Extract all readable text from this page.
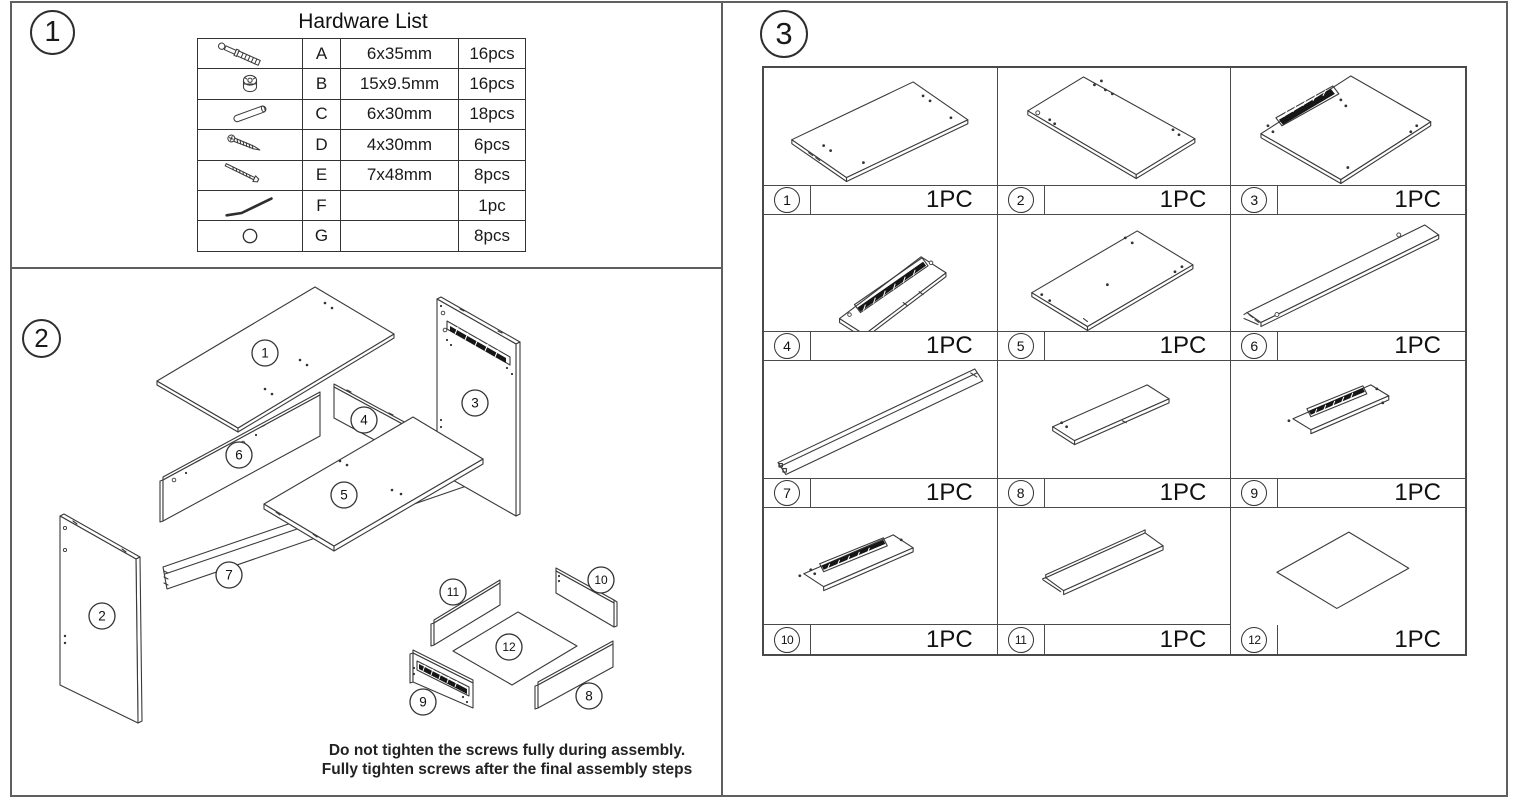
1	Hardware List
	A	6x35mm	16pcs

	B	15x9.5mm	16pcs

	C	6x30mm	18pcs

	D	4x30mm	6pcs

	E	7x48mm	8pcs

	F		1pc

	G		8pcs
2
1
2
3
4
5
6
7
8
9
10
11
12
Do not tighten the screws fully during assembly.
Fully tighten screws after the final assembly steps
3
1	1PC	2	1PC	3	1PC
4	1PC	5	1PC	6	1PC
7	1PC	8	1PC	9	1PC
10	1PC	11	1PC	12	1PC
